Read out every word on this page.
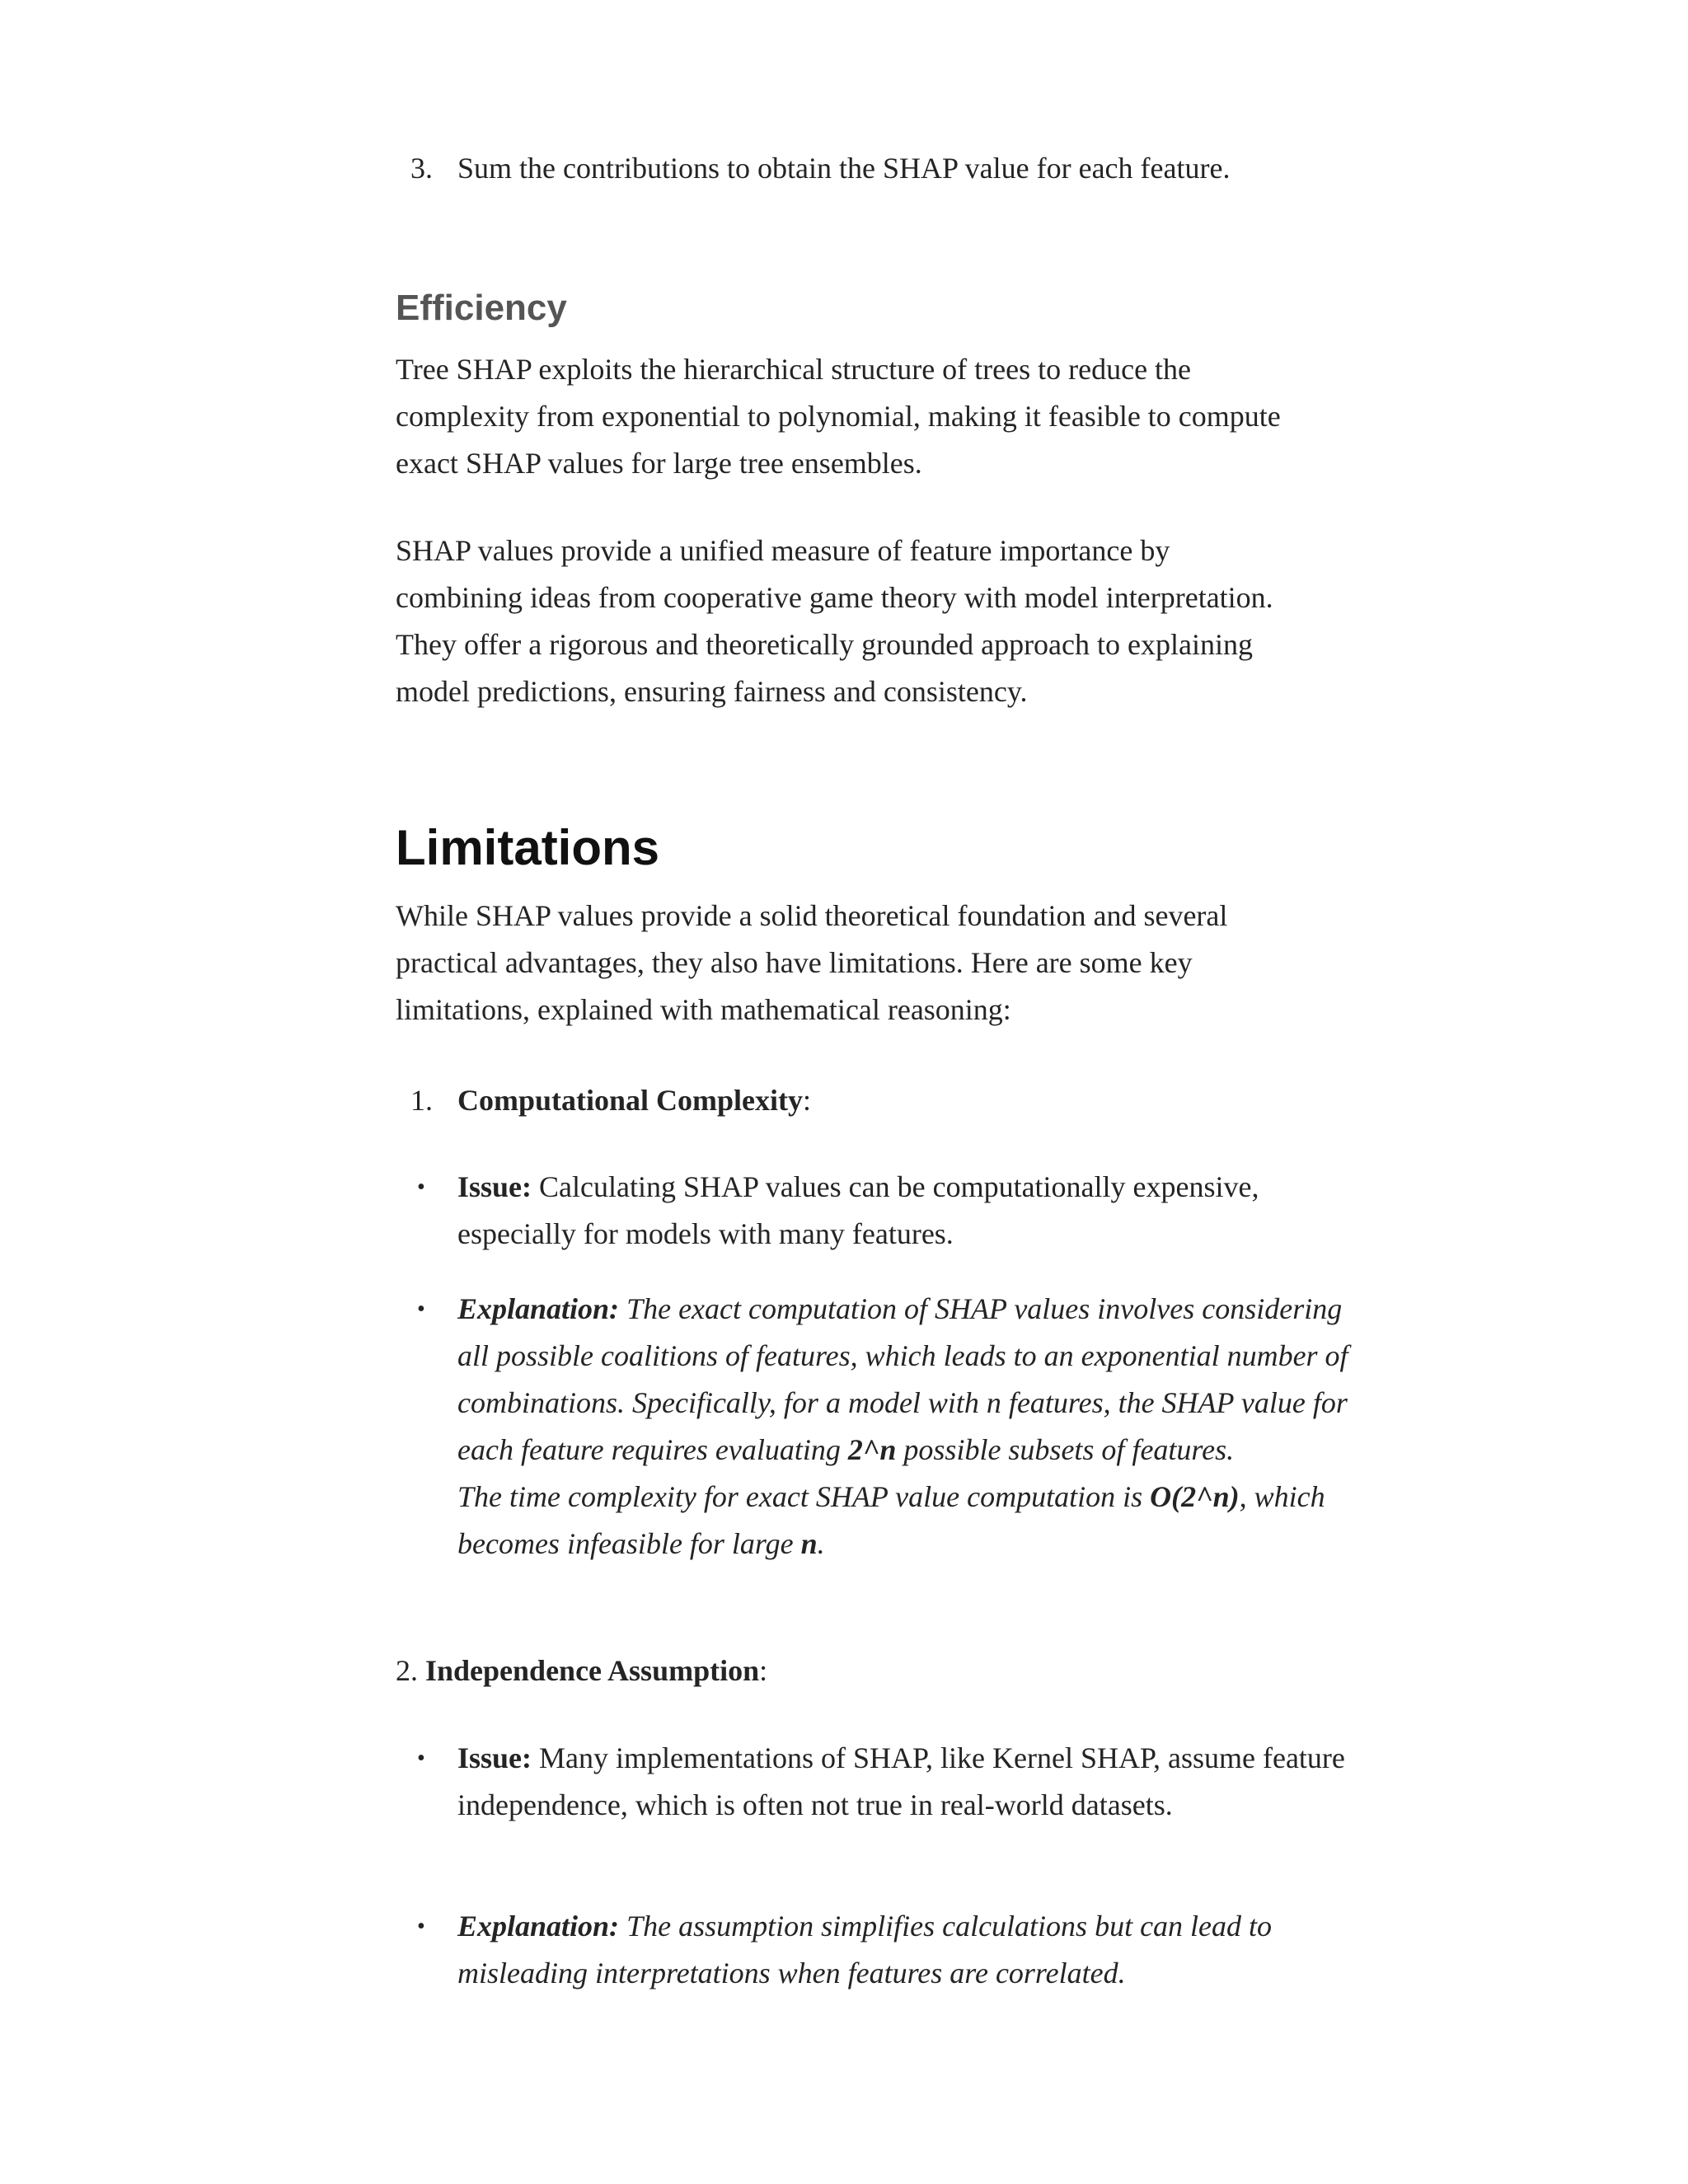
3. Sum the contributions to obtain the SHAP value for each feature.
Efficiency

Tree SHAP exploits the hierarchical structure of trees to reduce the complexity from exponential to polynomial, making it feasible to compute exact SHAP values for large tree ensembles.

SHAP values provide a unified measure of feature importance by combining ideas from cooperative game theory with model interpretation. They offer a rigorous and theoretically grounded approach to explaining model predictions, ensuring fairness and consistency.

Limitations

While SHAP values provide a solid theoretical foundation and several practical advantages, they also have limitations. Here are some key limitations, explained with mathematical reasoning:

1. Computational Complexity:
• Issue: Calculating SHAP values can be computationally expensive, especially for models with many features.
• Explanation: The exact computation of SHAP values involves considering all possible coalitions of features, which leads to an exponential number of combinations. Specifically, for a model with n features, the SHAP value for each feature requires evaluating 2^n possible subsets of features.
The time complexity for exact SHAP value computation is O(2^n), which becomes infeasible for large n.
2. Independence Assumption:
• Issue: Many implementations of SHAP, like Kernel SHAP, assume feature independence, which is often not true in real-world datasets.
• Explanation: The assumption simplifies calculations but can lead to misleading interpretations when features are correlated.
